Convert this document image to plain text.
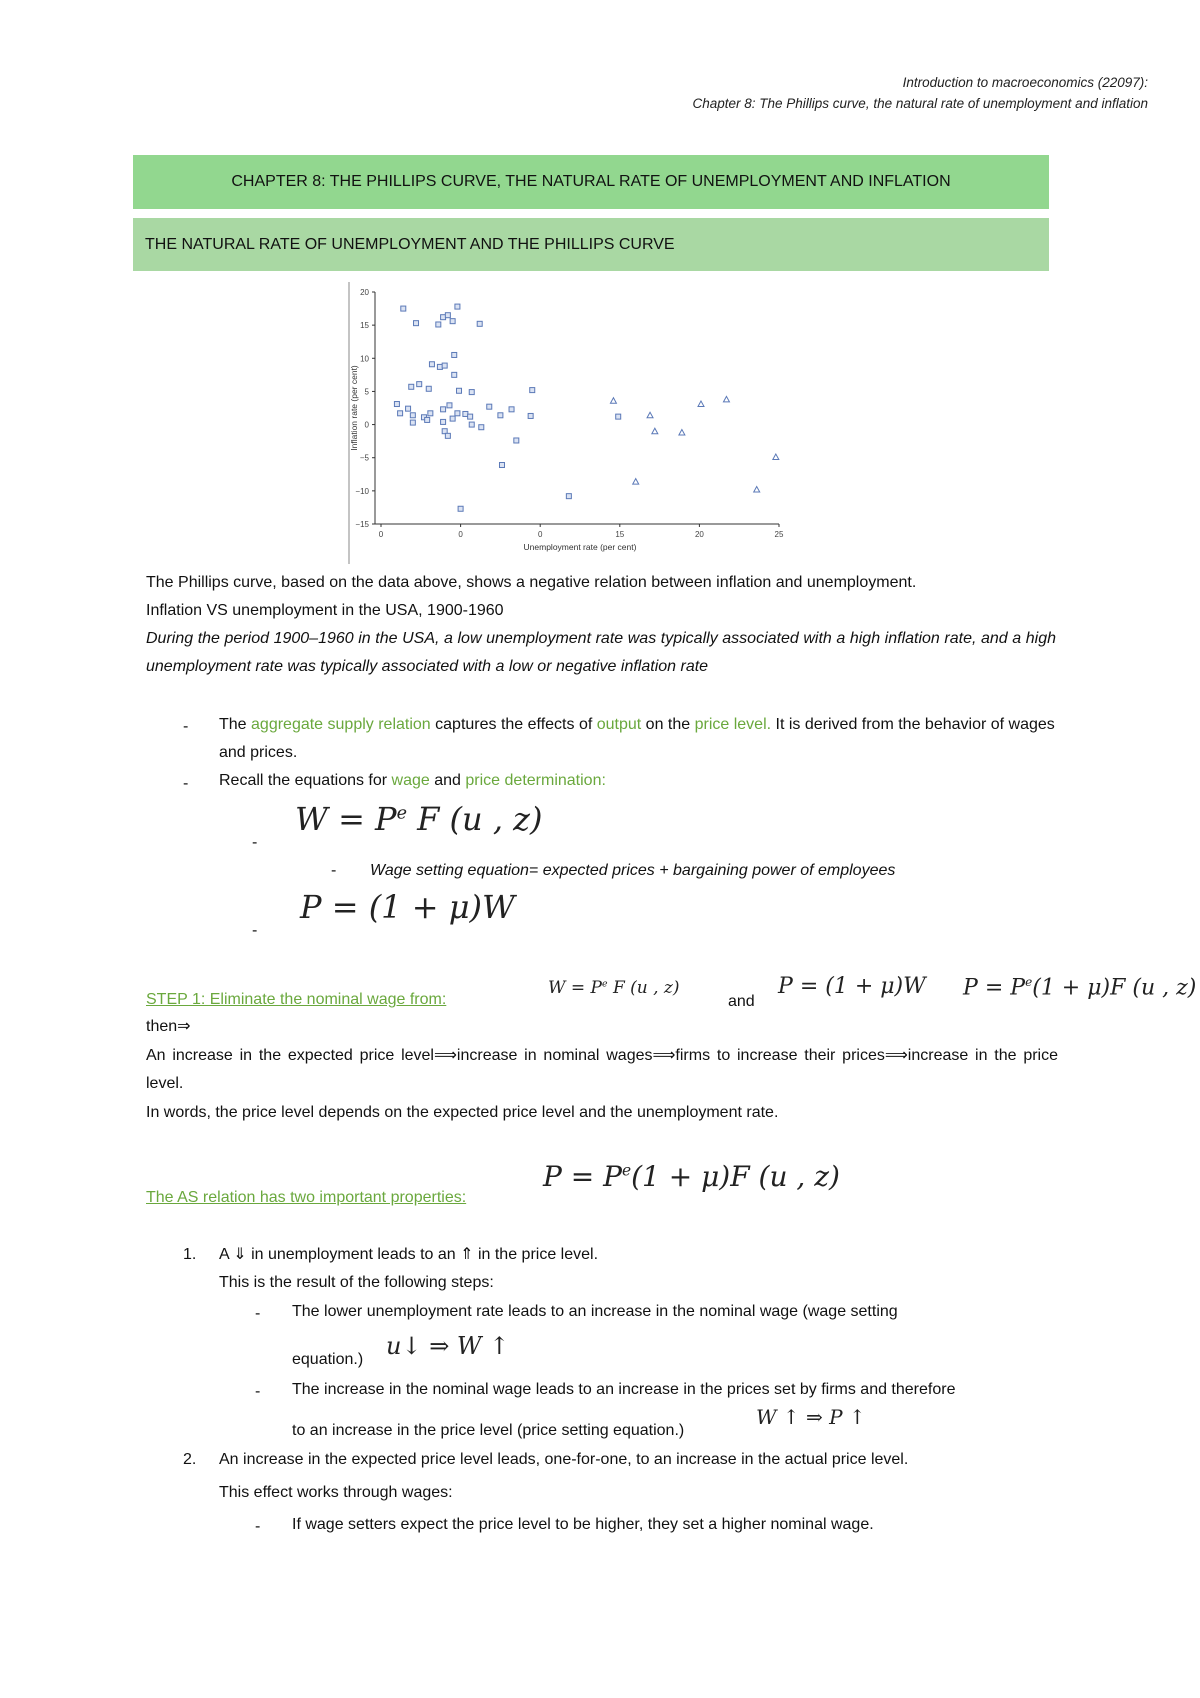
Introduction to macroeconomics (22097):
Chapter 8: The Phillips curve, the natural rate of unemployment and inflation
CHAPTER 8: THE PHILLIPS CURVE, THE NATURAL RATE OF UNEMPLOYMENT AND INFLATION
THE NATURAL RATE OF UNEMPLOYMENT AND THE PHILLIPS CURVE
20
15
10
5
0
−5
−10
−15
0	0	0	15	20	25
Unemployment rate (per cent)
Inflation rate (per cent)
The Phillips curve, based on the data above, shows a negative relation between inflation and unemployment.
Inflation VS unemployment in the USA, 1900-1960
During the period 1900–1960 in the USA, a low unemployment rate was typically associated with a high inflation rate, and a high unemployment rate was typically associated with a low or negative inflation rate
- The aggregate supply relation captures the effects of output on the price level. It is derived from the behavior of wages and prices.
- Recall the equations for wage and price determination:
-
$W = P^e$ F (u , z)
- Wage setting equation= expected prices + bargaining power of employees
-
P = (1 + μ)W
STEP 1: Eliminate the nominal wage from:
$W = P^e$ F (u , z)
and
P = (1 + μ)W $P = P^e(1 + \mu)F$ (u , z)
then⇒
An increase in the expected price level⟹increase in nominal wages⟹firms to increase their prices⟹increase in the price level.
In words, the price level depends on the expected price level and the unemployment rate.
The AS relation has two important properties:
$P = P^e(1 + \mu)F$ (u , z)
1. A ⇓ in unemployment leads to an ⇑ in the price level.
This is the result of the following steps:
- The lower unemployment rate leads to an increase in the nominal wage (wage setting
equation.) u↓ ⇒ W ↑
- The increase in the nominal wage leads to an increase in the prices set by firms and therefore
to an increase in the price level (price setting equation.)
W ↑ ⇒ P ↑
2. An increase in the expected price level leads, one-for-one, to an increase in the actual price level.
This effect works through wages:
- If wage setters expect the price level to be higher, they set a higher nominal wage.
